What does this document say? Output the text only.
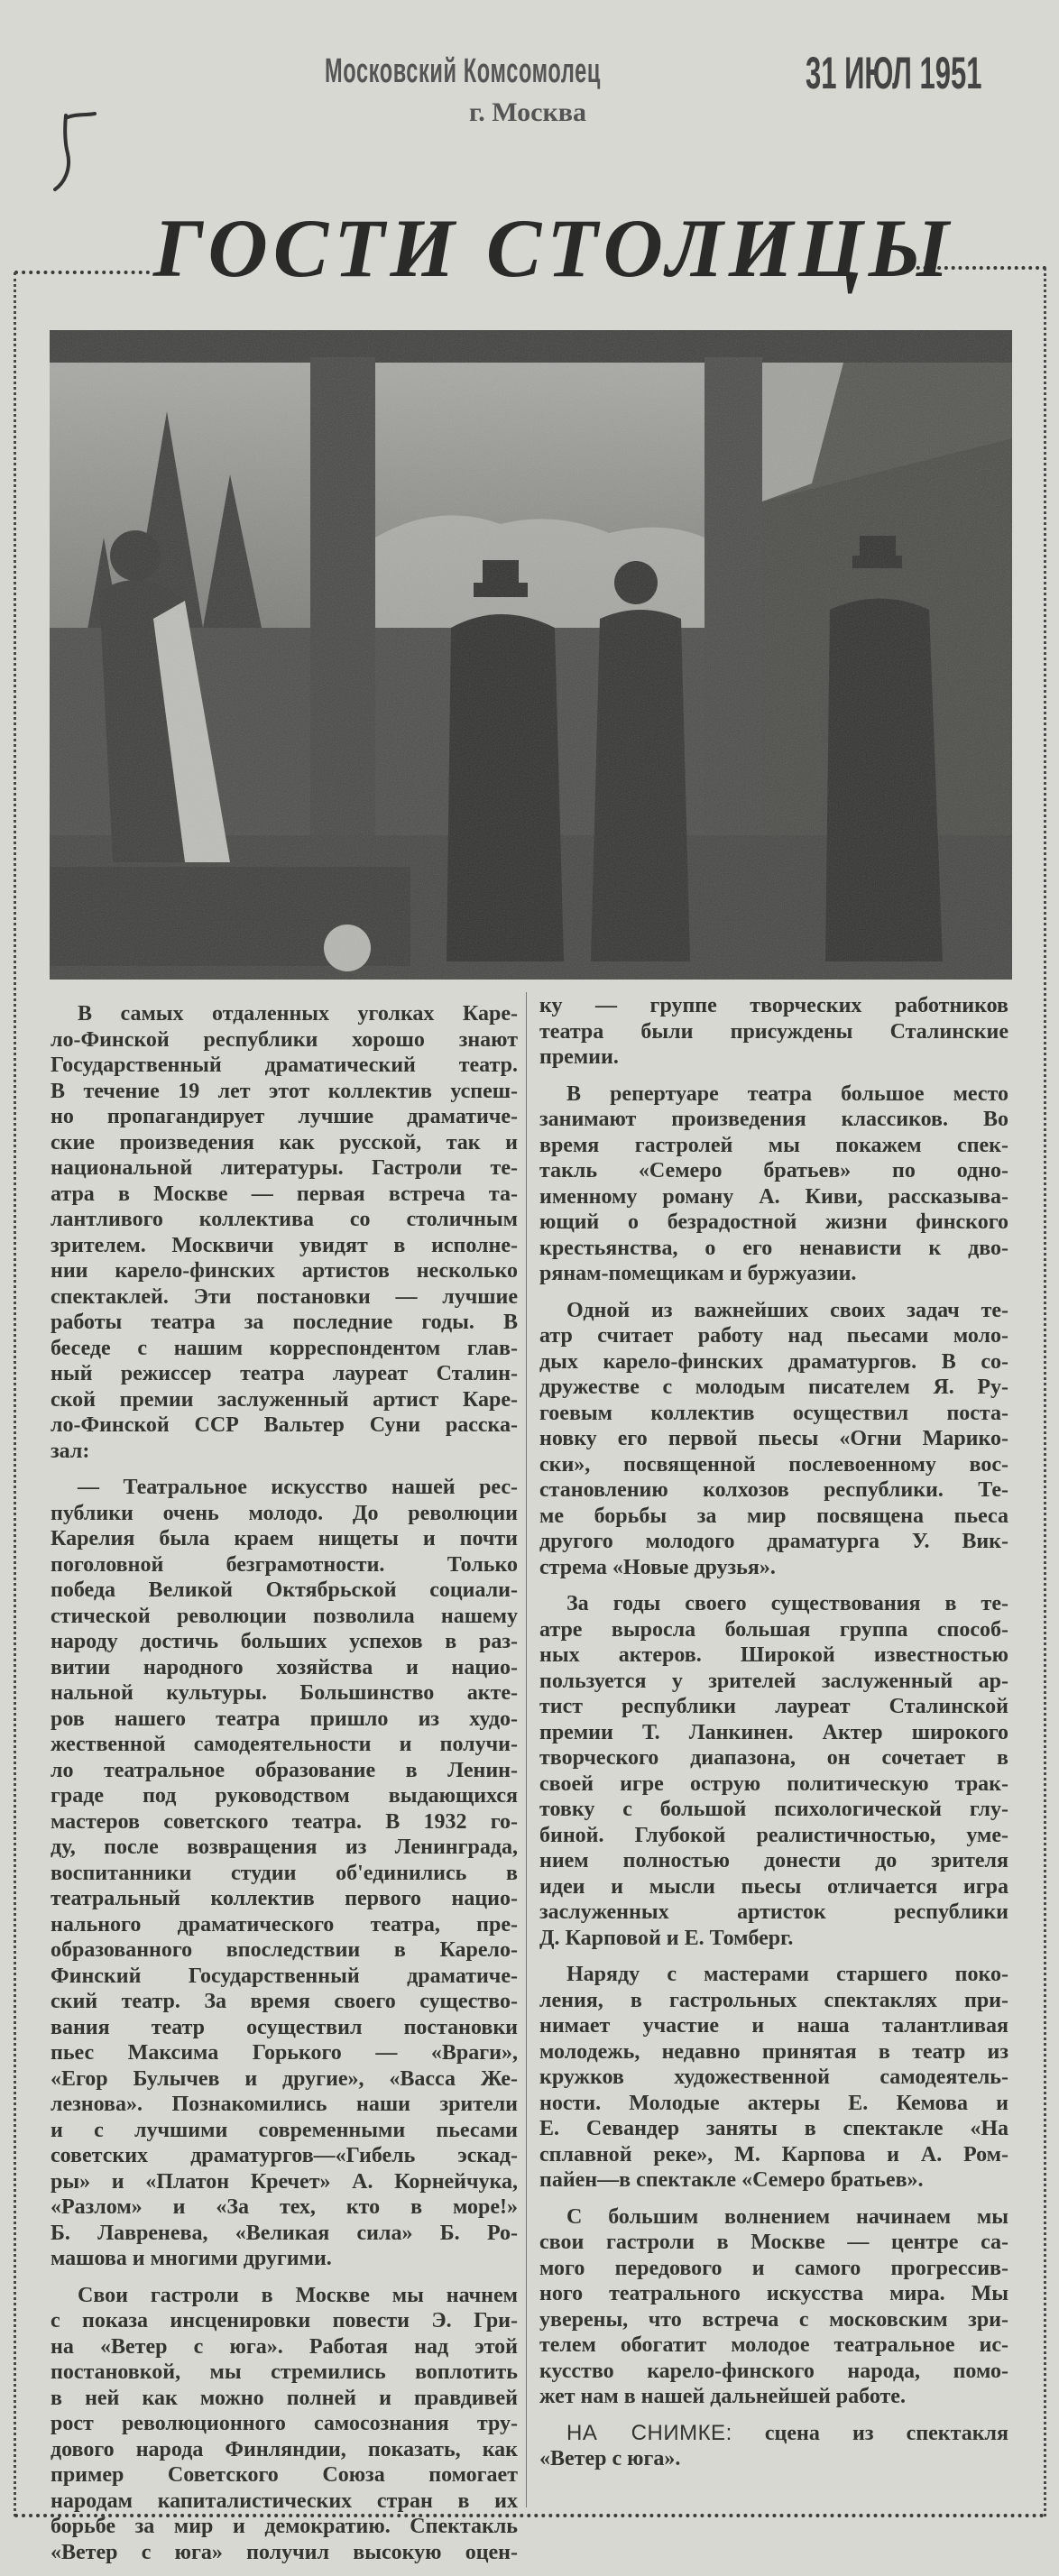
Московский Комсомолец	31 ИЮЛ 1951
г. Москва
ГОСТИ СТОЛИЦЫ
В самых отдаленных уголках Каре-
ло-Финской республики хорошо знают
Государственный драматический театр.
В течение 19 лет этот коллектив успеш-
но пропагандирует лучшие драматиче-
ские произведения как русской, так и
национальной литературы. Гастроли те-
атра в Москве — первая встреча та-
лантливого коллектива со столичным
зрителем. Москвичи увидят в исполне-
нии карело-финских артистов несколько
спектаклей. Эти постановки — лучшие
работы театра за последние годы. В
беседе с нашим корреспондентом глав-
ный режиссер театра лауреат Сталин-
ской премии заслуженный артист Каре-
ло-Финской ССР Вальтер Суни расска-
зал:
— Театральное искусство нашей рес-
публики очень молодо. До революции
Карелия была краем нищеты и почти
поголовной безграмотности. Только
победа Великой Октябрьской социали-
стической революции позволила нашему
народу достичь больших успехов в раз-
витии народного хозяйства и нацио-
нальной культуры. Большинство акте-
ров нашего театра пришло из худо-
жественной самодеятельности и получи-
ло театральное образование в Ленин-
граде под руководством выдающихся
мастеров советского театра. В 1932 го-
ду, после возвращения из Ленинграда,
воспитанники студии об'единились в
театральный коллектив первого нацио-
нального драматического театра, пре-
образованного впоследствии в Карело-
Финский Государственный драматиче-
ский театр. За время своего существо-
вания театр осуществил постановки
пьес Максима Горького — «Враги»,
«Егор Булычев и другие», «Васса Же-
лезнова». Познакомились наши зрители
и с лучшими современными пьесами
советских драматургов—«Гибель эскад-
ры» и «Платон Кречет» А. Корнейчука,
«Разлом» и «За тех, кто в море!»
Б. Лавренева, «Великая сила» Б. Ро-
машова и многими другими.
Свои гастроли в Москве мы начнем
с показа инсценировки повести Э. Гри-
на «Ветер с юга». Работая над этой
постановкой, мы стремились воплотить
в ней как можно полней и правдивей
рост революционного самосознания тру-
дового народа Финляндии, показать, как
пример Советского Союза помогает
народам капиталистических стран в их
борьбе за мир и демократию. Спектакль
«Ветер с юга» получил высокую оцен-
ку — группе творческих работников
театра были присуждены Сталинские
премии.
В репертуаре театра большое место
занимают произведения классиков. Во
время гастролей мы покажем спек-
такль «Семеро братьев» по одно-
именному роману А. Киви, рассказыва-
ющий о безрадостной жизни финского
крестьянства, о его ненависти к дво-
рянам-помещикам и буржуазии.
Одной из важнейших своих задач те-
атр считает работу над пьесами моло-
дых карело-финских драматургов. В со-
дружестве с молодым писателем Я. Ру-
гоевым коллектив осуществил поста-
новку его первой пьесы «Огни Марико-
ски», посвященной послевоенному вос-
становлению колхозов республики. Те-
ме борьбы за мир посвящена пьеса
другого молодого драматурга У. Вик-
стрема «Новые друзья».
За годы своего существования в те-
атре выросла большая группа способ-
ных актеров. Широкой известностью
пользуется у зрителей заслуженный ар-
тист республики лауреат Сталинской
премии Т. Ланкинен. Актер широкого
творческого диапазона, он сочетает в
своей игре острую политическую трак-
товку с большой психологической глу-
биной. Глубокой реалистичностью, уме-
нием полностью донести до зрителя
идеи и мысли пьесы отличается игра
заслуженных артисток республики
Д. Карповой и Е. Томберг.
Наряду с мастерами старшего поко-
ления, в гастрольных спектаклях при-
нимает участие и наша талантливая
молодежь, недавно принятая в театр из
кружков художественной самодеятель-
ности. Молодые актеры Е. Кемова и
Е. Севандер заняты в спектакле «На
сплавной реке», М. Карпова и А. Ром-
пайен—в спектакле «Семеро братьев».
С большим волнением начинаем мы
свои гастроли в Москве — центре са-
мого передового и самого прогрессив-
ного театрального искусства мира. Мы
уверены, что встреча с московским зри-
телем обогатит молодое театральное ис-
кусство карело-финского народа, помо-
жет нам в нашей дальнейшей работе.
НА СНИМКЕ: сцена из спектакля
«Ветер с юга».
